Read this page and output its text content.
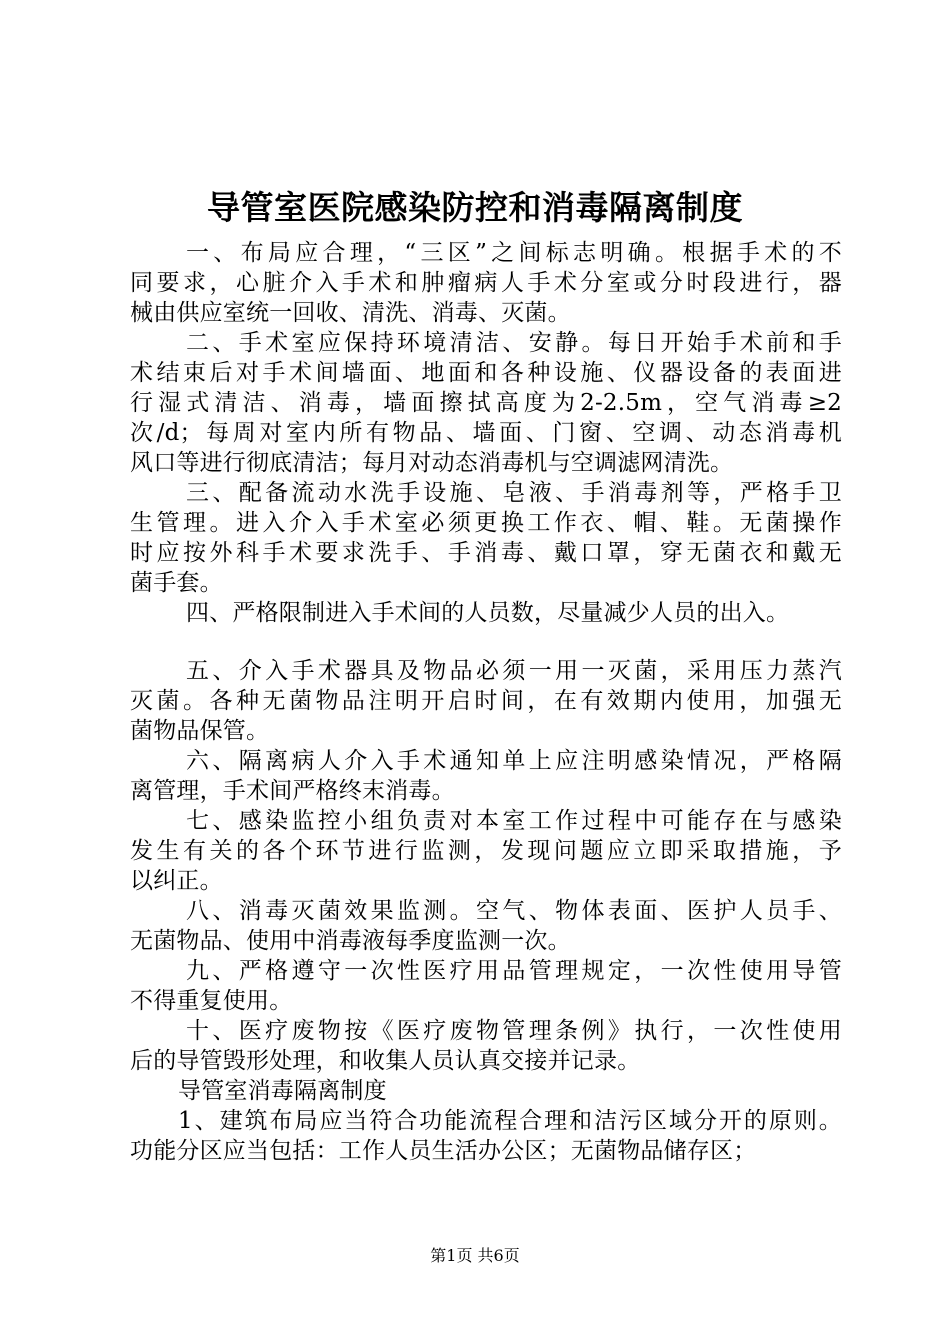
导管室医院感染防控和消毒隔离制度
一、布局应合理，“三区”之间标志明确。根据手术的不
同要求，心脏介入手术和肿瘤病人手术分室或分时段进行，器
械由供应室统一回收、清洗、消毒、灭菌。
二、手术室应保持环境清洁、安静。每日开始手术前和手
术结束后对手术间墙面、地面和各种设施、仪器设备的表面进
行湿式清洁、消毒，墙面擦拭高度为2-2.5m，空气消毒≥2
次/d；每周对室内所有物品、墙面、门窗、空调、动态消毒机
风口等进行彻底清洁；每月对动态消毒机与空调滤网清洗。
三、配备流动水洗手设施、皂液、手消毒剂等，严格手卫
生管理。进入介入手术室必须更换工作衣、帽、鞋。无菌操作
时应按外科手术要求洗手、手消毒、戴口罩，穿无菌衣和戴无
菌手套。
四、严格限制进入手术间的人员数，尽量减少人员的出入。
五、介入手术器具及物品必须一用一灭菌，采用压力蒸汽
灭菌。各种无菌物品注明开启时间，在有效期内使用，加强无
菌物品保管。
六、隔离病人介入手术通知单上应注明感染情况，严格隔
离管理，手术间严格终末消毒。
七、感染监控小组负责对本室工作过程中可能存在与感染
发生有关的各个环节进行监测，发现问题应立即采取措施，予
以纠正。
八、消毒灭菌效果监测。空气、物体表面、医护人员手、
无菌物品、使用中消毒液每季度监测一次。
九、严格遵守一次性医疗用品管理规定，一次性使用导管
不得重复使用。
十、医疗废物按《医疗废物管理条例》执行，一次性使用
后的导管毁形处理，和收集人员认真交接并记录。
导管室消毒隔离制度
1、建筑布局应当符合功能流程合理和洁污区域分开的原则。
功能分区应当包括：工作人员生活办公区；无菌物品储存区；
第1页 共6页
